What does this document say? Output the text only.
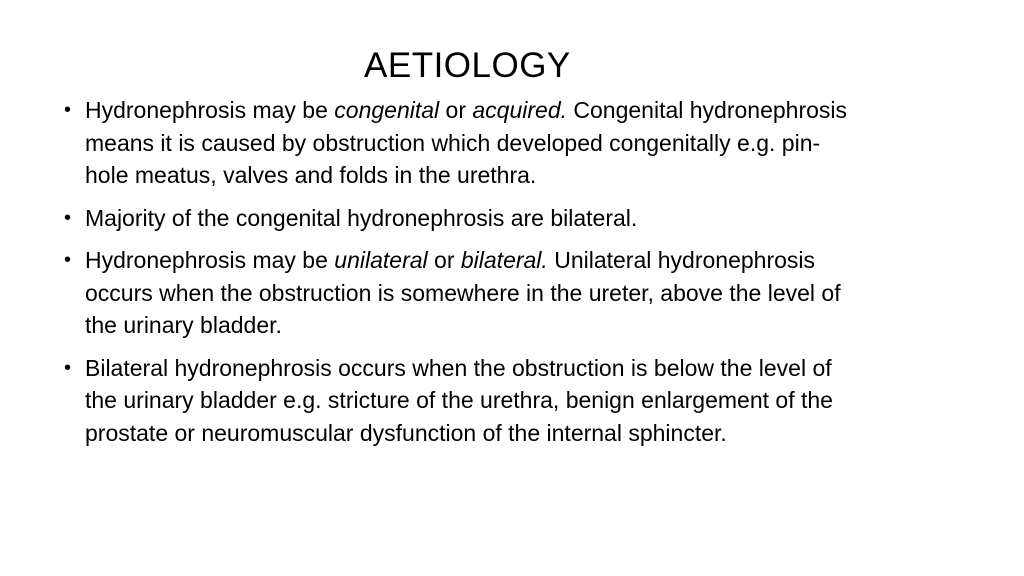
AETIOLOGY
• Hydronephrosis may be congenital or acquired. Congenital hydronephrosis means it is caused by obstruction which developed congenitally e.g. pin-hole meatus, valves and folds in the urethra.
• Majority of the congenital hydronephrosis are bilateral.
• Hydronephrosis may be unilateral or bilateral. Unilateral hydronephrosis occurs when the obstruction is somewhere in the ureter, above the level of the urinary bladder.
• Bilateral hydronephrosis occurs when the obstruction is below the level of the urinary bladder e.g. stricture of the urethra, benign enlargement of the prostate or neuromuscular dysfunction of the internal sphincter.
